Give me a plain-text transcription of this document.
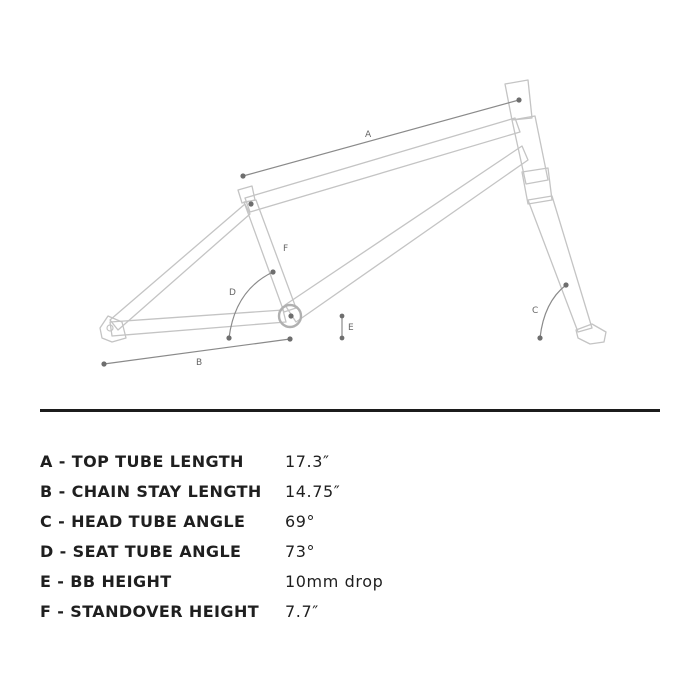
A
B
C
D
E
F
A - TOP TUBE LENGTH	17.3″
B - CHAIN STAY LENGTH 14.75″
C - HEAD TUBE ANGLE 69°
D - SEAT TUBE ANGLE	73°
E - BB HEIGHT	10mm drop
F - STANDOVER HEIGHT 7.7″
